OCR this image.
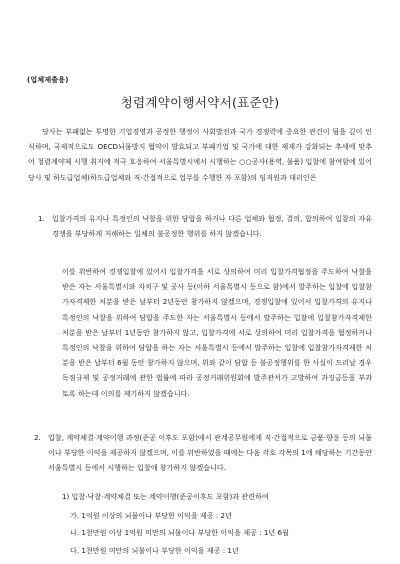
(업체제출용)
청렴계약이행서약서(표준안)

당사는 부패없는 투명한 기업경영과 공정한 행정이 사회발전과 국가 경쟁력에 중요한 관건이 됨을 깊이 인식하며, 국제적으로도 OECD뇌물방지 협약이 발효되고 부패기업 및 국가에 대한 제재가 강화되는 추세에 맞추어 청렴계약제 시행 취지에 적극 호응하여 서울특별시에서 시행하는 ○○공사(용역, 물품) 입찰에 참여함에 있어 당사 및 하도급업체(하도급업체와 직·간접적으로 업무를 수행한 자 포함)의 임직원과 대리인은

1. 입찰가격의 유지나 특정인의 낙찰을 위한 담합을 하거나 다른 업체와 협정, 결의, 합의하여 입찰의 자유경쟁을 부당하게 저해하는 일체의 불공정한 행위를 하지 않겠습니다.

이를 위반하여 경쟁입찰에 있어서 입찰가격을 서로 상의하여 미리 입찰가격협정을 주도하여 낙찰을 받은 자는 서울특별시와 자치구 및 공사 등(이하 서울특별시 등으로 함)에서 발주하는 입찰에 입찰참가자격제한 처분을 받은 날부터 2년동안 참가하지 않겠으며, 경쟁입찰에 있어서 입찰가격의 유지나 특정인의 낙찰을 위하여 담합을 주도한 자는 서울특별시 등에서 발주하는 입찰에 입찰참가자격제한 처분을 받은 날부터 1년동안 참가하지 않고, 입찰가격에 서로 상의하여 미리 입찰가격을 협정하거나 특정인의 낙찰을 위하여 담합을 하는 자는 서울특별시 등에서 발주하는 입찰에 입찰참가자격제한 처분을 받은 날부터 6월 동안 참가하지 않으며, 위와 같이 담합 등 불공정행위를 한 사실이 드러날 경우 독점규제 및 공정거래에 관한 법률에 따라 공정거래위원회에 발주관서가 고발하여 과징금등을 부과토록 하는데 이의를 제기하지 않겠습니다.

2. 입찰, 계약체결·계약이행 과정(준공 이후도 포함)에서 관계공무원에게 직·간접적으로 금품·향응 등의 뇌물이나 부당한 이익을 제공하지 않겠으며, 이를 위반하였을 때에는 다음 각호 각목의 1에 해당하는 기간동안 서울특별시 등에서 시행하는 입찰에 참가하지 않겠습니다.

1) 입찰·낙찰·계약체결 또는 계약이행(준공이후도 포함)과 관련하여
가. 1억원 이상의 뇌물이나 부당한 이익을 제공 : 2년
나. 1천만원 이상 1억원 미만의 뇌물이나 부당한 이익을 제공 : 1년 6월
다. 1천만원 미만의 뇌물이나 부당한 이익을 제공 : 1년
